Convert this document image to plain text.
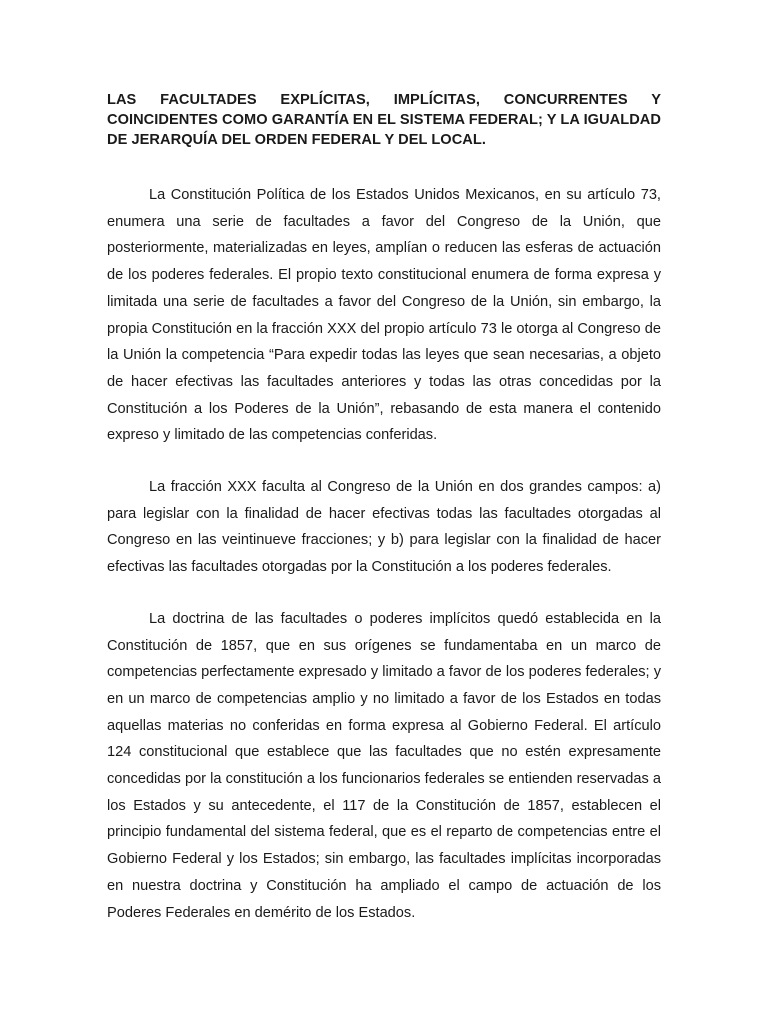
LAS FACULTADES EXPLÍCITAS, IMPLÍCITAS, CONCURRENTES Y COINCIDENTES COMO GARANTÍA EN EL SISTEMA FEDERAL; Y LA IGUALDAD DE JERARQUÍA DEL ORDEN FEDERAL Y DEL LOCAL.

La Constitución Política de los Estados Unidos Mexicanos, en su artículo 73, enumera una serie de facultades a favor del Congreso de la Unión, que posteriormente, materializadas en leyes, amplían o reducen las esferas de actuación de los poderes federales. El propio texto constitucional enumera de forma expresa y limitada una serie de facultades a favor del Congreso de la Unión, sin embargo, la propia Constitución en la fracción XXX del propio artículo 73 le otorga al Congreso de la Unión la competencia “Para expedir todas las leyes que sean necesarias, a objeto de hacer efectivas las facultades anteriores y todas las otras concedidas por la Constitución a los Poderes de la Unión”, rebasando de esta manera el contenido expreso y limitado de las competencias conferidas.

La fracción XXX faculta al Congreso de la Unión en dos grandes campos: a) para legislar con la finalidad de hacer efectivas todas las facultades otorgadas al Congreso en las veintinueve fracciones; y b) para legislar con la finalidad de hacer efectivas las facultades otorgadas por la Constitución a los poderes federales.

La doctrina de las facultades o poderes implícitos quedó establecida en la Constitución de 1857, que en sus orígenes se fundamentaba en un marco de competencias perfectamente expresado y limitado a favor de los poderes federales; y en un marco de competencias amplio y no limitado a favor de los Estados en todas aquellas materias no conferidas en forma expresa al Gobierno Federal. El artículo 124 constitucional que establece que las facultades que no estén expresamente concedidas por la constitución a los funcionarios federales se entienden reservadas a los Estados y su antecedente, el 117 de la Constitución de 1857, establecen el principio fundamental del sistema federal, que es el reparto de competencias entre el Gobierno Federal y los Estados; sin embargo, las facultades implícitas incorporadas en nuestra doctrina y Constitución ha ampliado el campo de actuación de los Poderes Federales en demérito de los Estados.
